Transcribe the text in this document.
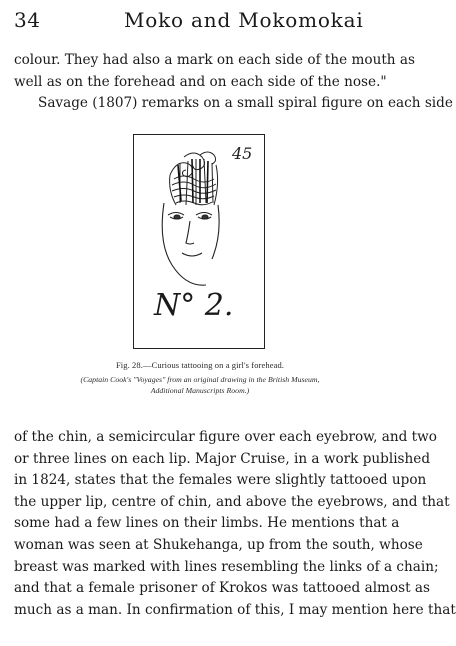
34	Moko and Mokomokai
colour. They had also a mark on each side of the mouth as
well as on the forehead and on each side of the nose."
Savage (1807) remarks on a small spiral figure on each side
45
N° 2.
Fig. 28.—Curious tattooing on a girl's forehead.
(Captain Cook's "Voyages" from an original drawing in the British Museum,
Additional Manuscripts Room.)
of the chin, a semicircular figure over each eyebrow, and two
or three lines on each lip. Major Cruise, in a work published
in 1824, states that the females were slightly tattooed upon
the upper lip, centre of chin, and above the eyebrows, and that
some had a few lines on their limbs. He mentions that a
woman was seen at Shukehanga, up from the south, whose
breast was marked with lines resembling the links of a chain;
and that a female prisoner of Krokos was tattooed almost as
much as a man. In confirmation of this, I may mention here that
